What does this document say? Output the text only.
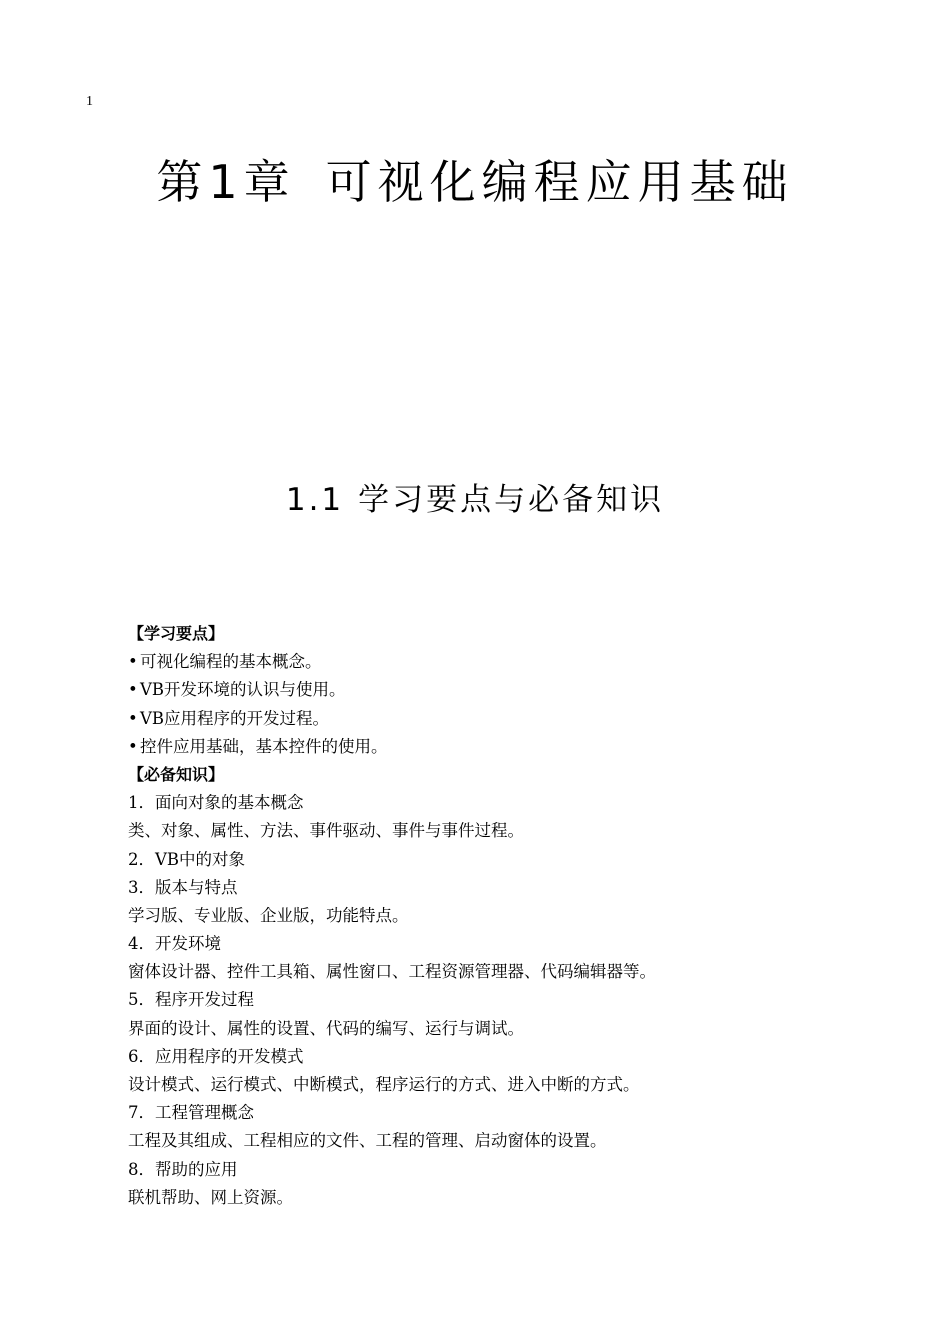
1
第1章 可视化编程应用基础
1.1 学习要点与必备知识
【学习要点】
• 可视化编程的基本概念。
• VB开发环境的认识与使用。
• VB应用程序的开发过程。
• 控件应用基础，基本控件的使用。
【必备知识】
1．面向对象的基本概念
类、对象、属性、方法、事件驱动、事件与事件过程。
2．VB中的对象
3．版本与特点
学习版、专业版、企业版，功能特点。
4．开发环境
窗体设计器、控件工具箱、属性窗口、工程资源管理器、代码编辑器等。
5．程序开发过程
界面的设计、属性的设置、代码的编写、运行与调试。
6．应用程序的开发模式
设计模式、运行模式、中断模式，程序运行的方式、进入中断的方式。
7．工程管理概念
工程及其组成、工程相应的文件、工程的管理、启动窗体的设置。
8．帮助的应用
联机帮助、网上资源。
